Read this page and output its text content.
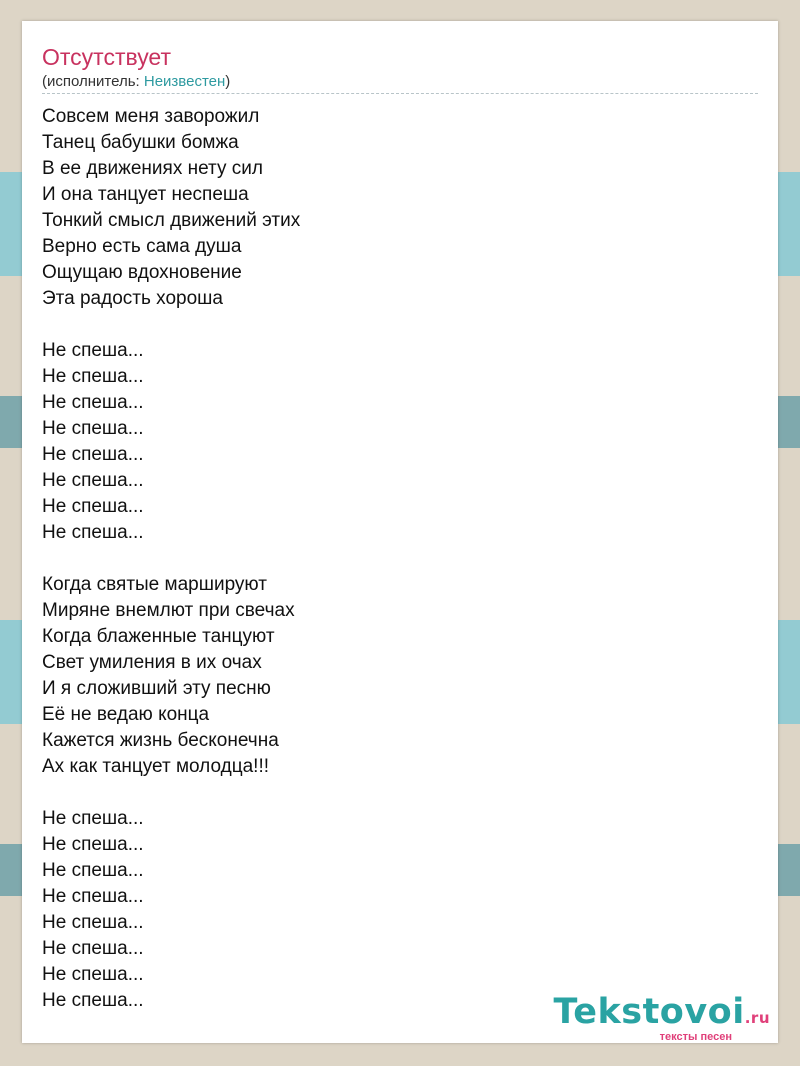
Отсутствует
(исполнитель: Неизвестен)
Совсем меня заворожил
Танец бабушки бомжа
В ее движениях нету сил
И она танцует неспеша
Тонкий смысл движений этих
Верно есть сама душа
Ощущаю вдохновение
Эта радость хороша
Не спеша...
Не спеша...
Не спеша...
Не спеша...
Не спеша...
Не спеша...
Не спеша...
Не спеша...
Когда святые маршируют
Миряне внемлют при свечах
Когда блаженные танцуют
Свет умиления в их очах
И я сложивший эту песню
Её не ведаю конца
Кажется жизнь бесконечна
Ах как танцует молодца!!!
Не спеша...
Не спеша...
Не спеша...
Не спеша...
Не спеша...
Не спеша...
Не спеша...
Не спеша...	Tekstovoi.ru
тексты песен
